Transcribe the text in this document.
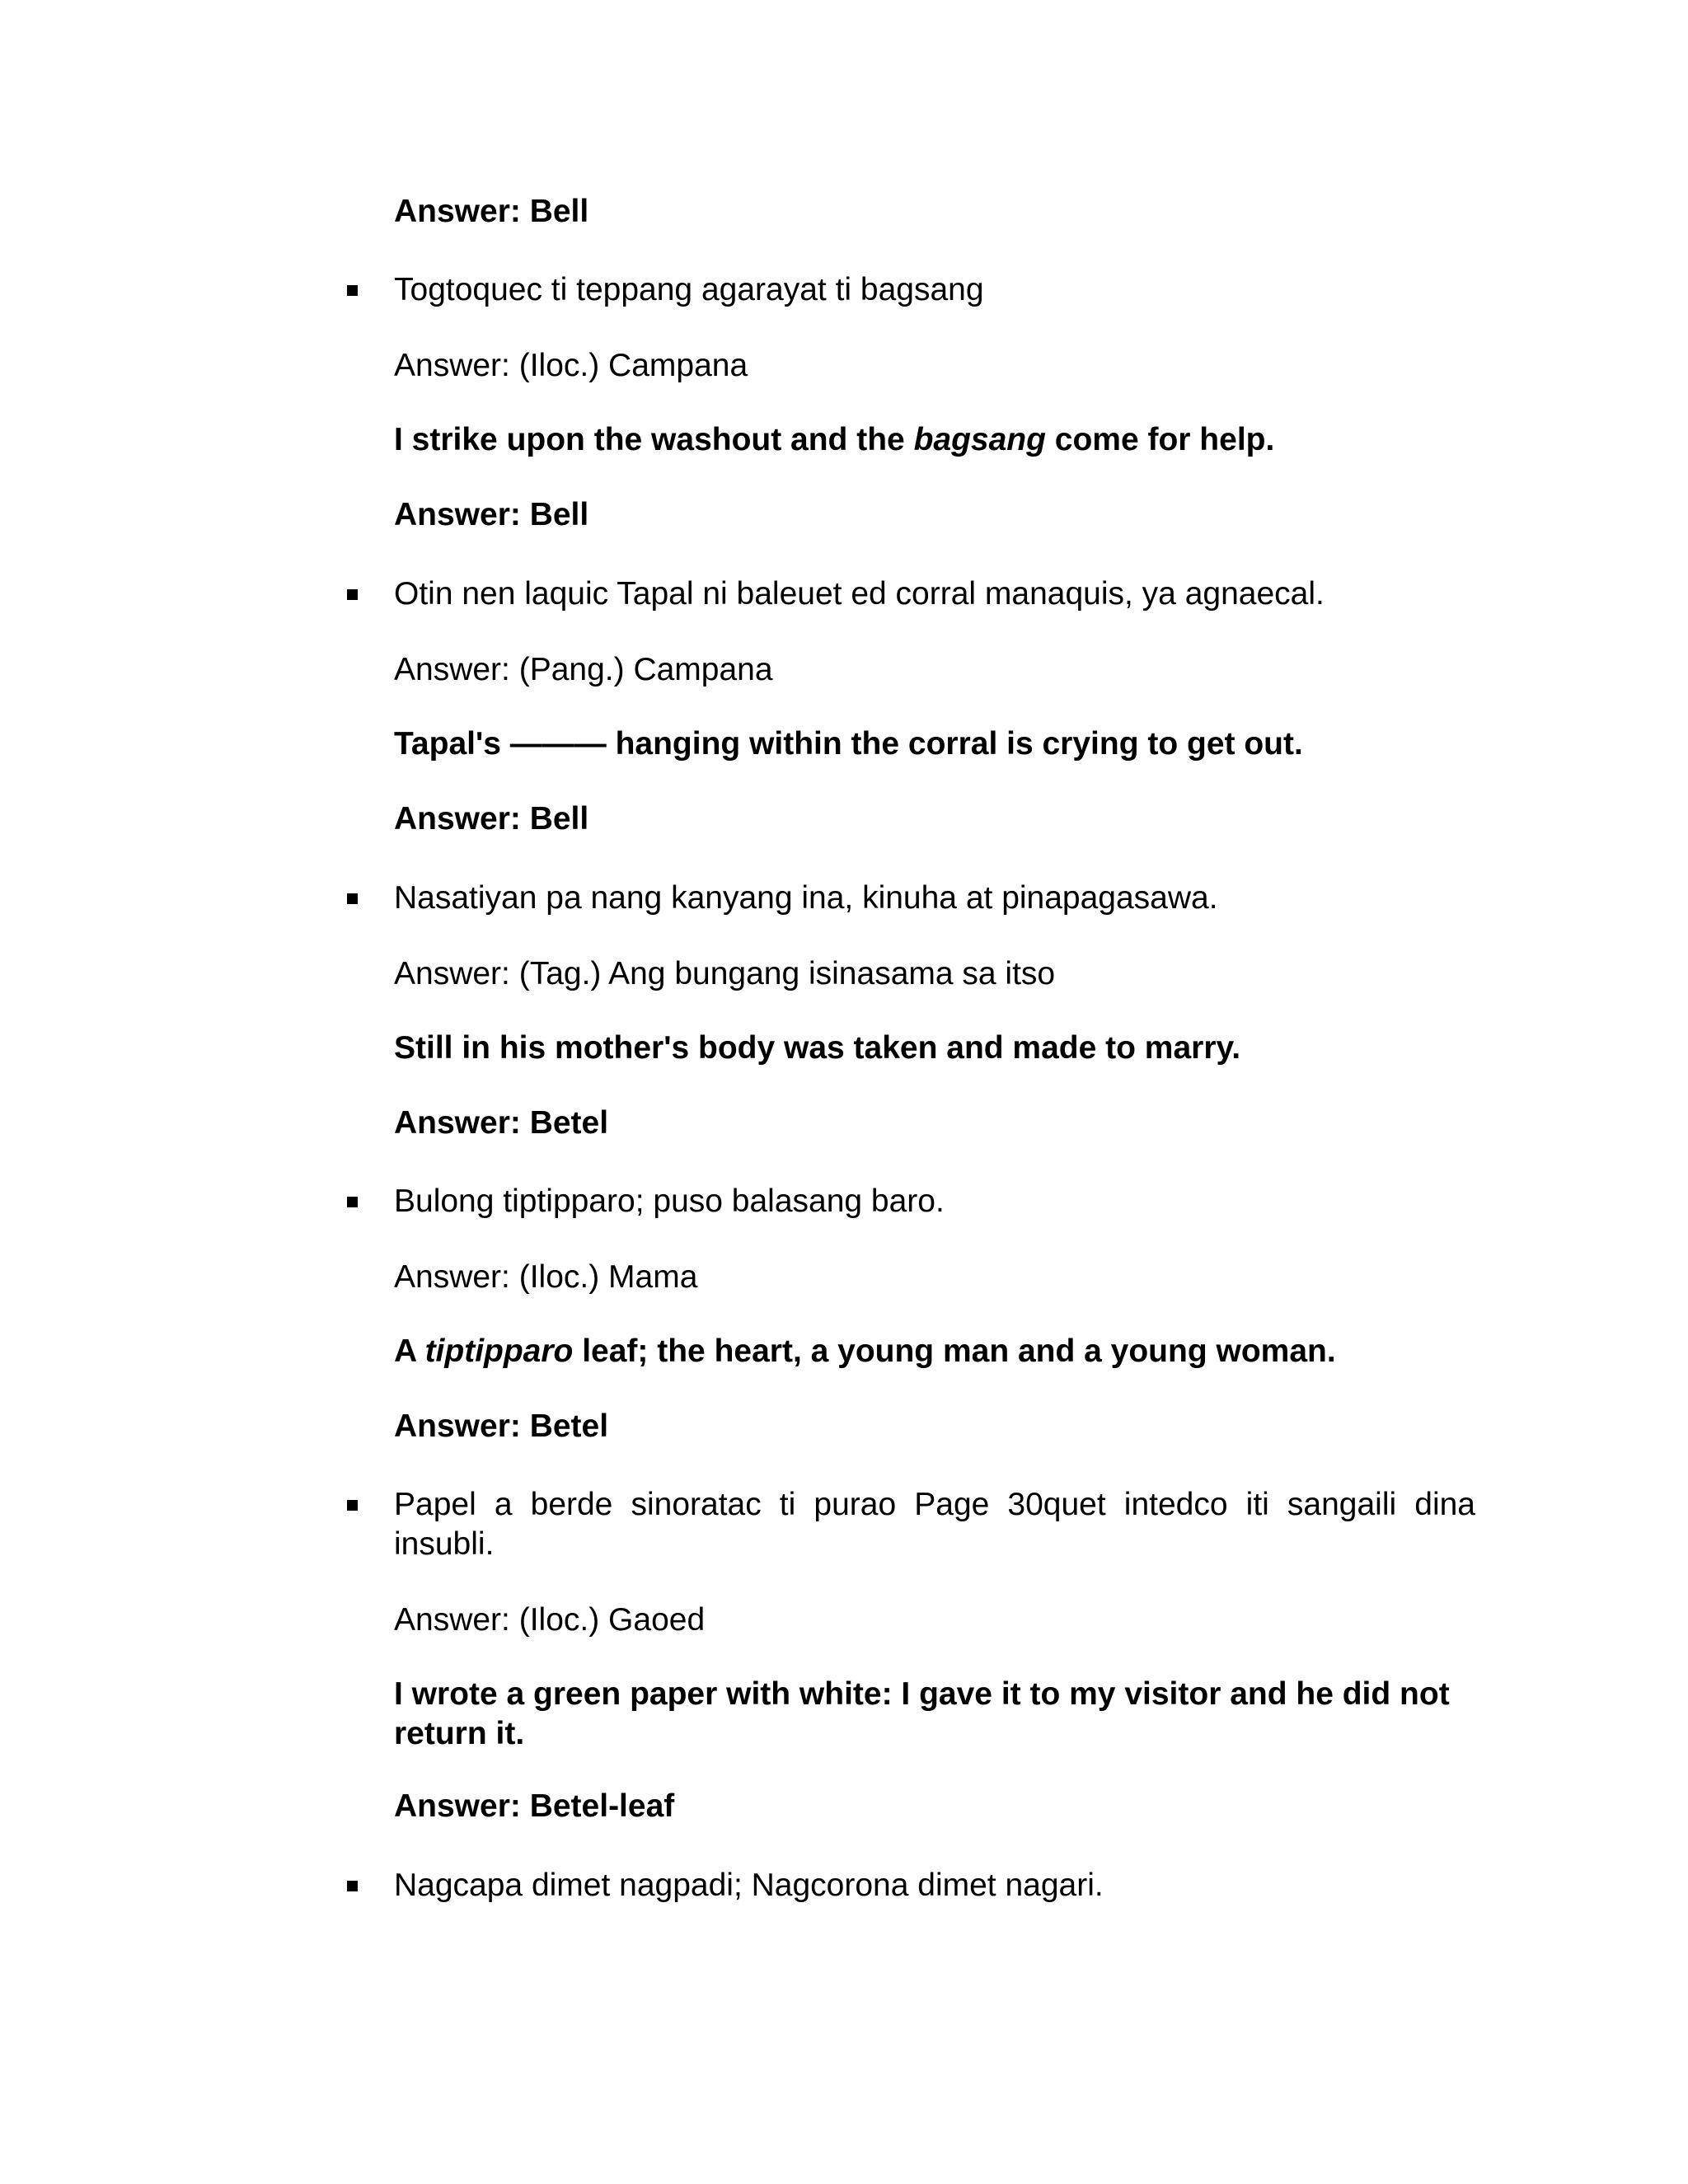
Answer: Bell
Togtoquec ti teppang agarayat ti bagsang
Answer: (Iloc.) Campana
I strike upon the washout and the bagsang come for help.
Answer: Bell
Otin nen laquic Tapal ni baleuet ed corral manaquis, ya agnaecal.
Answer: (Pang.) Campana
Tapal's ——— hanging within the corral is crying to get out.
Answer: Bell
Nasatiyan pa nang kanyang ina, kinuha at pinapagasawa.
Answer: (Tag.) Ang bungang isinasama sa itso
Still in his mother's body was taken and made to marry.
Answer: Betel
Bulong tiptipparo; puso balasang baro.
Answer: (Iloc.) Mama
A tiptipparo leaf; the heart, a young man and a young woman.
Answer: Betel
Papel a berde sinoratac ti purao Page 30quet intedco iti sangaili dina insubli.
Answer: (Iloc.) Gaoed
I wrote a green paper with white: I gave it to my visitor and he did not return it.
Answer: Betel-leaf
Nagcapa dimet nagpadi; Nagcorona dimet nagari.
